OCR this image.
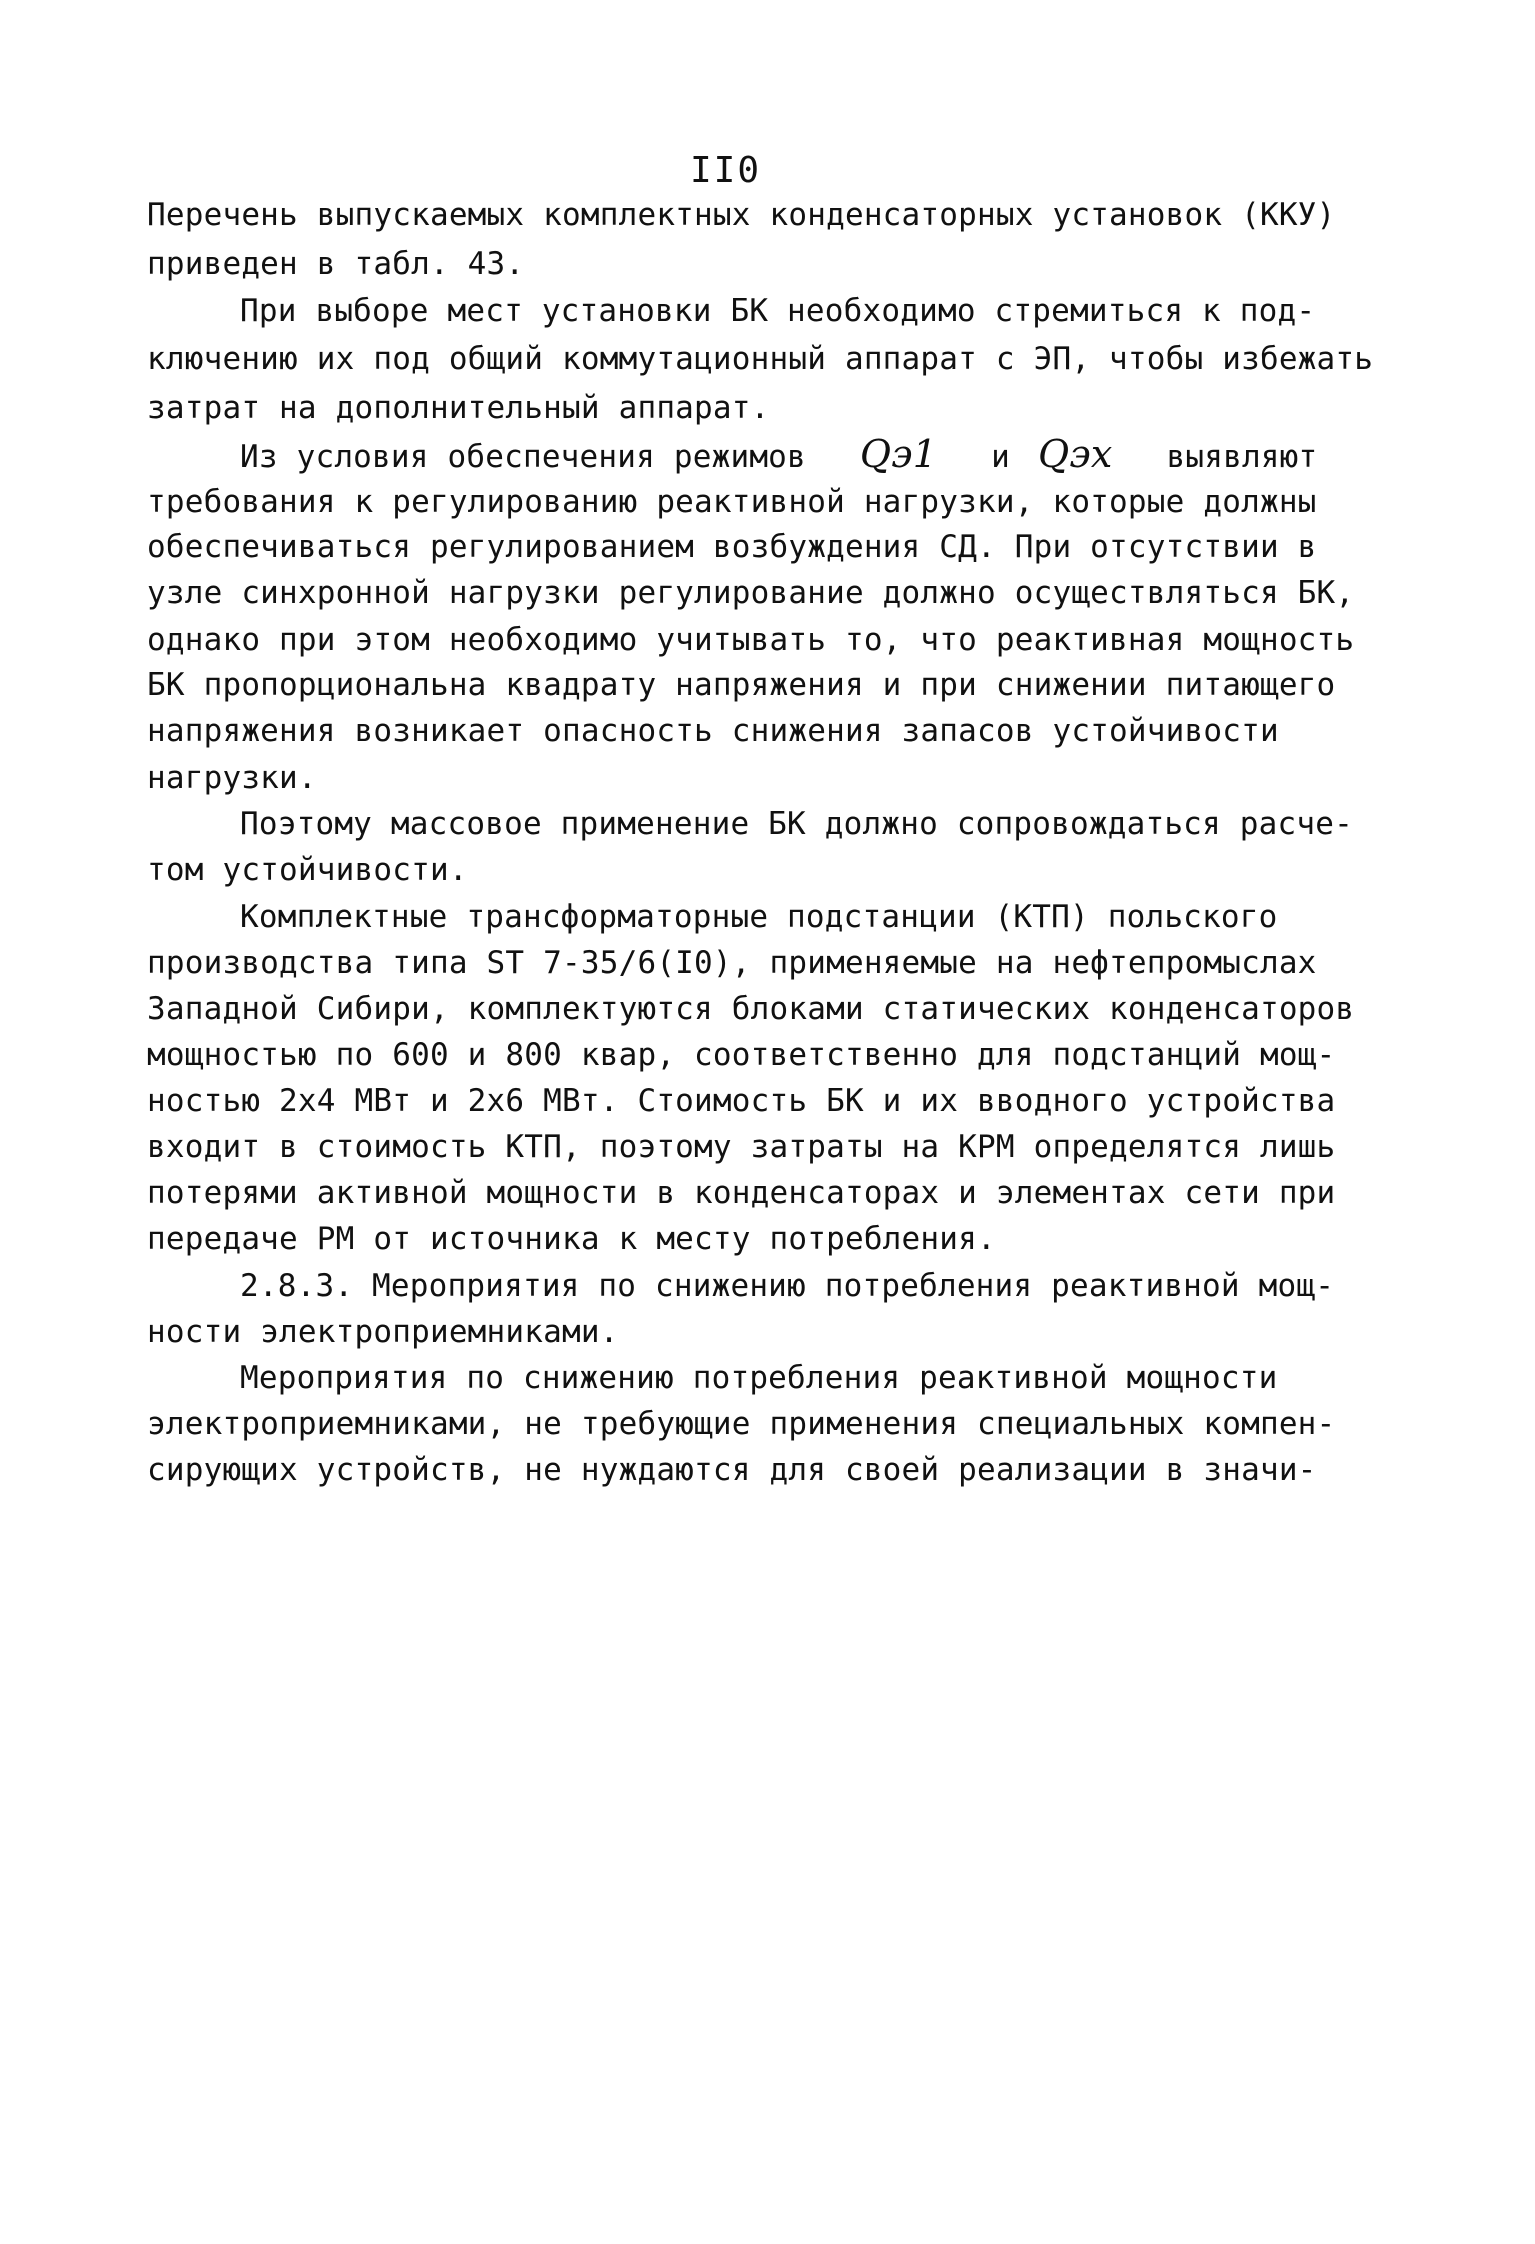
II0
Перечень выпускаемых комплектных конденсаторных установок (ККУ)
приведен в табл. 43.
При выборе мест установки БК необходимо стремиться к под-
ключению их под общий коммутационный аппарат с ЭП, чтобы избежать
затрат на дополнительный аппарат.
Из условия обеспечения режимов Qэ1 и Qэх выявляют
требования к регулированию реактивной нагрузки, которые должны
обеспечиваться регулированием возбуждения СД. При отсутствии в
узле синхронной нагрузки регулирование должно осуществляться БК,
однако при этом необходимо учитывать то, что реактивная мощность
БК пропорциональна квадрату напряжения и при снижении питающего
напряжения возникает опасность снижения запасов устойчивости
нагрузки.
Поэтому массовое применение БК должно сопровождаться расче-
том устойчивости.
Комплектные трансформаторные подстанции (КТП) польского
производства типа ST 7-35/6(I0), применяемые на нефтепромыслах
Западной Сибири, комплектуются блоками статических конденсаторов
мощностью по 600 и 800 квар, соответственно для подстанций мощ-
ностью 2х4 МВт и 2х6 МВт. Стоимость БК и их вводного устройства
входит в стоимость КТП, поэтому затраты на КРМ определятся лишь
потерями активной мощности в конденсаторах и элементах сети при
передаче РМ от источника к месту потребления.
2.8.3. Мероприятия по снижению потребления реактивной мощ-
ности электроприемниками.
Мероприятия по снижению потребления реактивной мощности
электроприемниками, не требующие применения специальных компен-
сирующих устройств, не нуждаются для своей реализации в значи-
